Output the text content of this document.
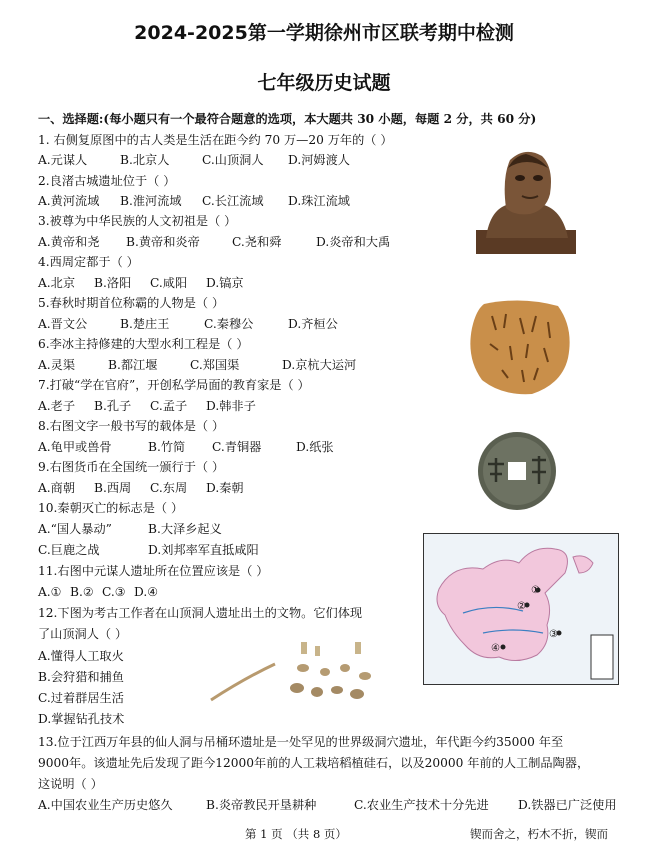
2024-2025第一学期徐州市区联考期中检测
七年级历史试题
一、选择题:(每小题只有一个最符合题意的选项，本大题共 30 小题，每题 2 分，共 60 分)
1. 右侧复原图中的古人类是生活在距今约 70 万—20 万年的（ ）
A.元谋人	B.北京人	C.山顶洞人 D.河姆渡人
2.良渚古城遗址位于（ ）
A.黄河流域 B.淮河流域 C.长江流域 D.珠江流域
3.被尊为中华民族的人文初祖是（ ）
A.黄帝和尧 B.黄帝和炎帝	C.尧和舜	D.炎帝和大禹
4.西周定都于（ ）
A.北京 B.洛阳 C.咸阳 D.镐京
5.春秋时期首位称霸的人物是（ ）
A.晋文公	B.楚庄王	C.秦穆公	D.齐桓公
6.李冰主持修建的大型水利工程是（ ）
A.灵渠	B.都江堰	C.郑国渠	D.京杭大运河
7.打破“学在官府”，开创私学局面的教育家是（ ）
A.老子 B.孔子 C.孟子 D.韩非子
8.右图文字一般书写的载体是（ ）
A.龟甲或兽骨	B.竹简 C.青铜器	D.纸张
9.右图货币在全国统一颁行于（ ）
A.商朝 B.西周 C.东周 D.秦朝
10.秦朝灭亡的标志是（ ）
A.“国人暴动”	B.大泽乡起义
C.巨鹿之战	D.刘邦率军直抵咸阳
11.右图中元谋人遗址所在位置应该是（ ）
A.① B.② C.③ D.④
12.下图为考古工作者在山顶洞人遗址出土的文物。它们体现
了山顶洞人（ ）
A.懂得人工取火
B.会狩猎和捕鱼
C.过着群居生活
D.掌握钻孔技术
13.位于江西万年县的仙人洞与吊桶环遗址是一处罕见的世界级洞穴遗址，年代距今约35000 年至
9000年。该遗址先后发现了距今12000年前的人工栽培稻植硅石，以及20000 年前的人工制品陶器，
这说明（ ）
A.中国农业生产历史悠久	B.炎帝教民开垦耕种	C.农业生产技术十分先进 D.铁器已广泛使用
①
②
③
④
第 1 页 （共 8 页）	锲而舍之，朽木不折，锲而
